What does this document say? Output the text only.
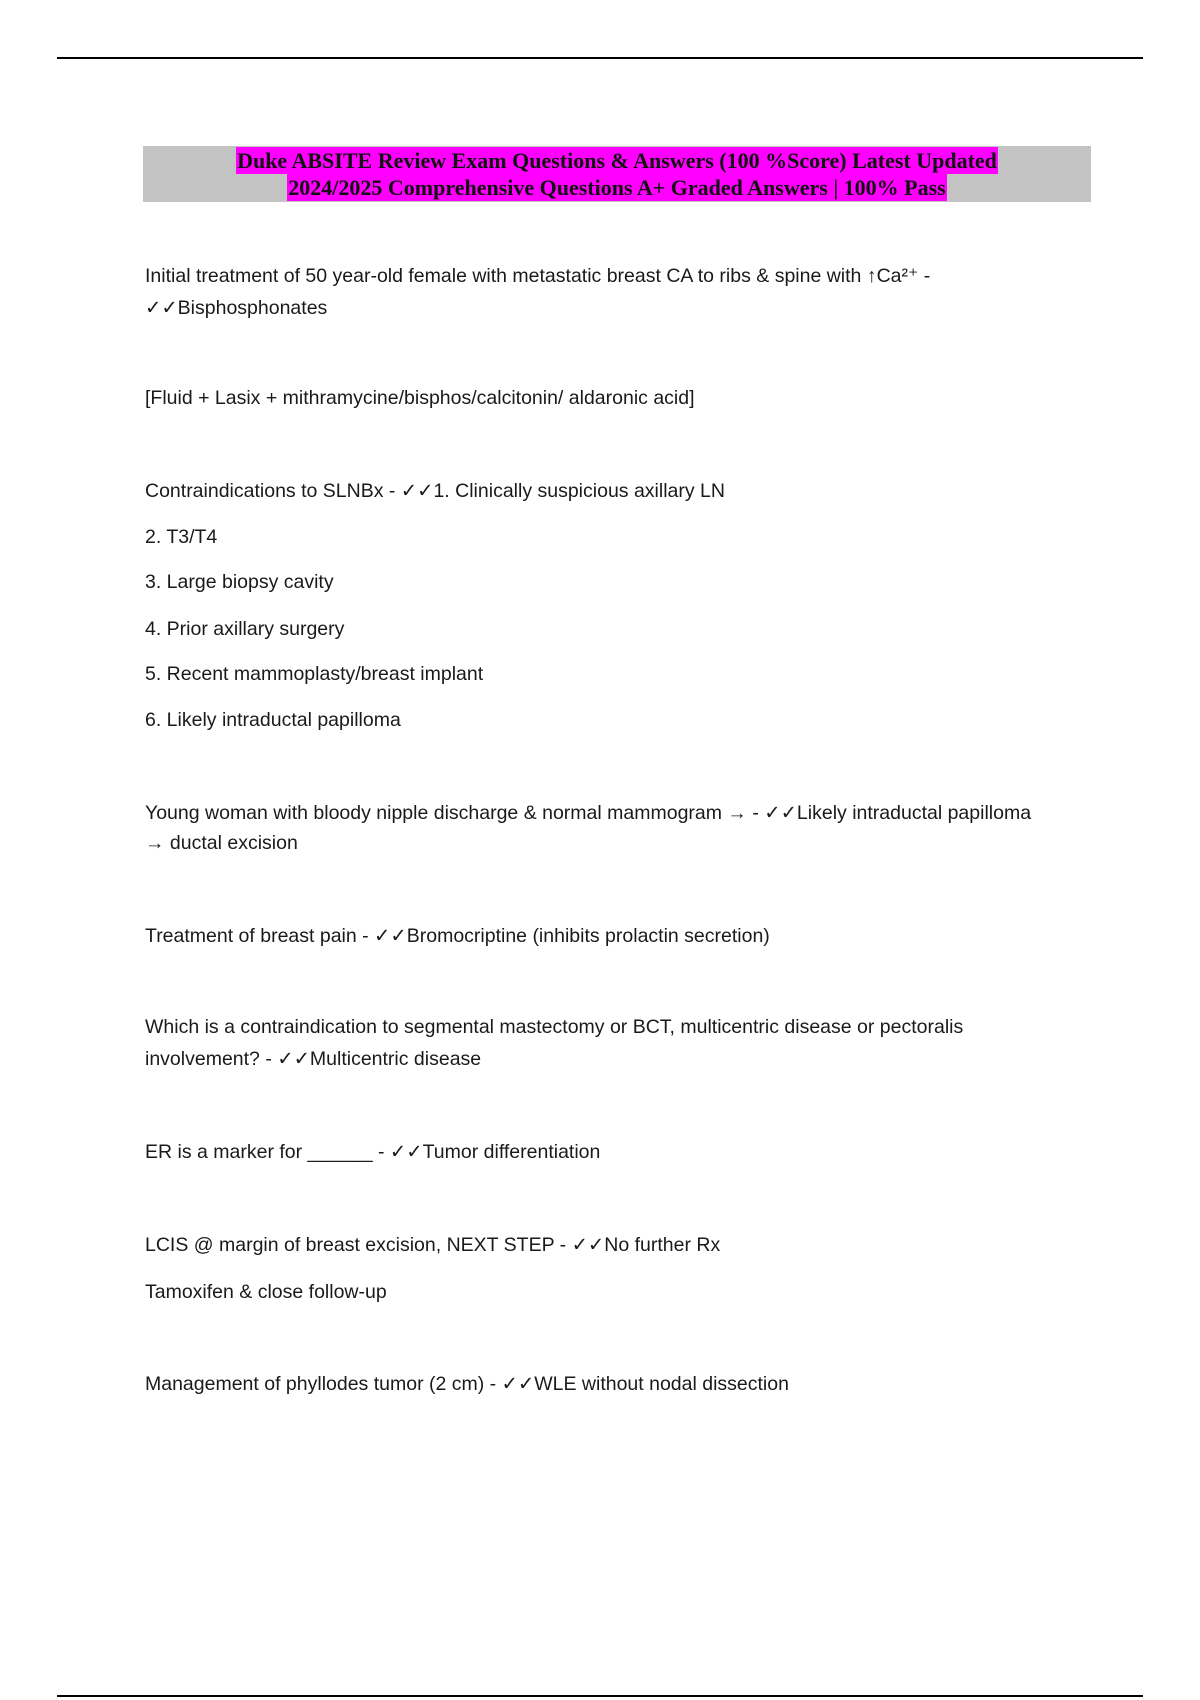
Duke ABSITE Review Exam Questions & Answers (100 %Score) Latest Updated
2024/2025 Comprehensive Questions A+ Graded Answers | 100% Pass
Initial treatment of 50 year-old female with metastatic breast CA to ribs & spine with ↑Ca²⁺ -
✓✓Bisphosphonates
[Fluid + Lasix + mithramycine/bisphos/calcitonin/ aldaronic acid]
Contraindications to SLNBx - ✓✓1. Clinically suspicious axillary LN
2. T3/T4
3. Large biopsy cavity
4. Prior axillary surgery
5. Recent mammoplasty/breast implant
6. Likely intraductal papilloma
Young woman with bloody nipple discharge & normal mammogram → - ✓✓Likely intraductal papilloma
→ ductal excision
Treatment of breast pain - ✓✓Bromocriptine (inhibits prolactin secretion)
Which is a contraindication to segmental mastectomy or BCT, multicentric disease or pectoralis
involvement? - ✓✓Multicentric disease
ER is a marker for ______ - ✓✓Tumor differentiation
LCIS @ margin of breast excision, NEXT STEP - ✓✓No further Rx
Tamoxifen & close follow-up
Management of phyllodes tumor (2 cm) - ✓✓WLE without nodal dissection
